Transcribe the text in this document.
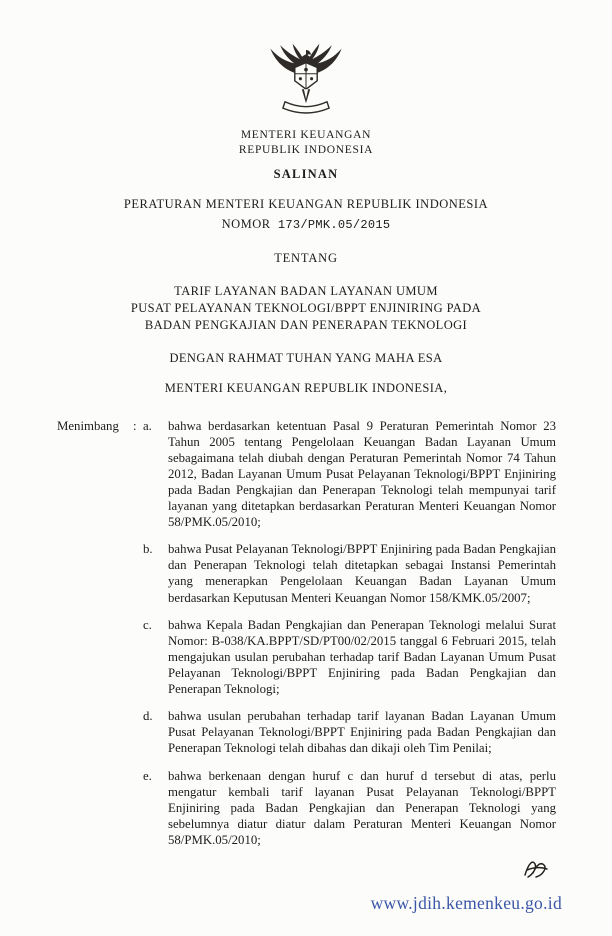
MENTERI KEUANGAN
REPUBLIK INDONESIA
SALINAN
PERATURAN MENTERI KEUANGAN REPUBLIK INDONESIA
NOMOR 173/PMK.05/2015
TENTANG
TARIF LAYANAN BADAN LAYANAN UMUM
PUSAT PELAYANAN TEKNOLOGI/BPPT ENJINIRING PADA
BADAN PENGKAJIAN DAN PENERAPAN TEKNOLOGI
DENGAN RAHMAT TUHAN YANG MAHA ESA
MENTERI KEUANGAN REPUBLIK INDONESIA,
Menimbang	: a.	bahwa berdasarkan ketentuan Pasal 9 Peraturan Pemerintah Nomor 23 Tahun 2005 tentang Pengelolaan Keuangan Badan Layanan Umum sebagaimana telah diubah dengan Peraturan Pemerintah Nomor 74 Tahun 2012, Badan Layanan Umum Pusat Pelayanan Teknologi/BPPT Enjiniring pada Badan Pengkajian dan Penerapan Teknologi telah mempunyai tarif layanan yang ditetapkan berdasarkan Peraturan Menteri Keuangan Nomor 58/PMK.05/2010;
b.	bahwa Pusat Pelayanan Teknologi/BPPT Enjiniring pada Badan Pengkajian dan Penerapan Teknologi telah ditetapkan sebagai Instansi Pemerintah yang menerapkan Pengelolaan Keuangan Badan Layanan Umum berdasarkan Keputusan Menteri Keuangan Nomor 158/KMK.05/2007;
c.	bahwa Kepala Badan Pengkajian dan Penerapan Teknologi melalui Surat Nomor: B-038/KA.BPPT/SD/PT00/02/2015 tanggal 6 Februari 2015, telah mengajukan usulan perubahan terhadap tarif Badan Layanan Umum Pusat Pelayanan Teknologi/BPPT Enjiniring pada Badan Pengkajian dan Penerapan Teknologi;
d.	bahwa usulan perubahan terhadap tarif layanan Badan Layanan Umum Pusat Pelayanan Teknologi/BPPT Enjiniring pada Badan Pengkajian dan Penerapan Teknologi telah dibahas dan dikaji oleh Tim Penilai;
e.	bahwa berkenaan dengan huruf c dan huruf d tersebut di atas, perlu mengatur kembali tarif layanan Pusat Pelayanan Teknologi/BPPT Enjiniring pada Badan Pengkajian dan Penerapan Teknologi yang sebelumnya diatur diatur dalam Peraturan Menteri Keuangan Nomor 58/PMK.05/2010;
www.jdih.kemenkeu.go.id
